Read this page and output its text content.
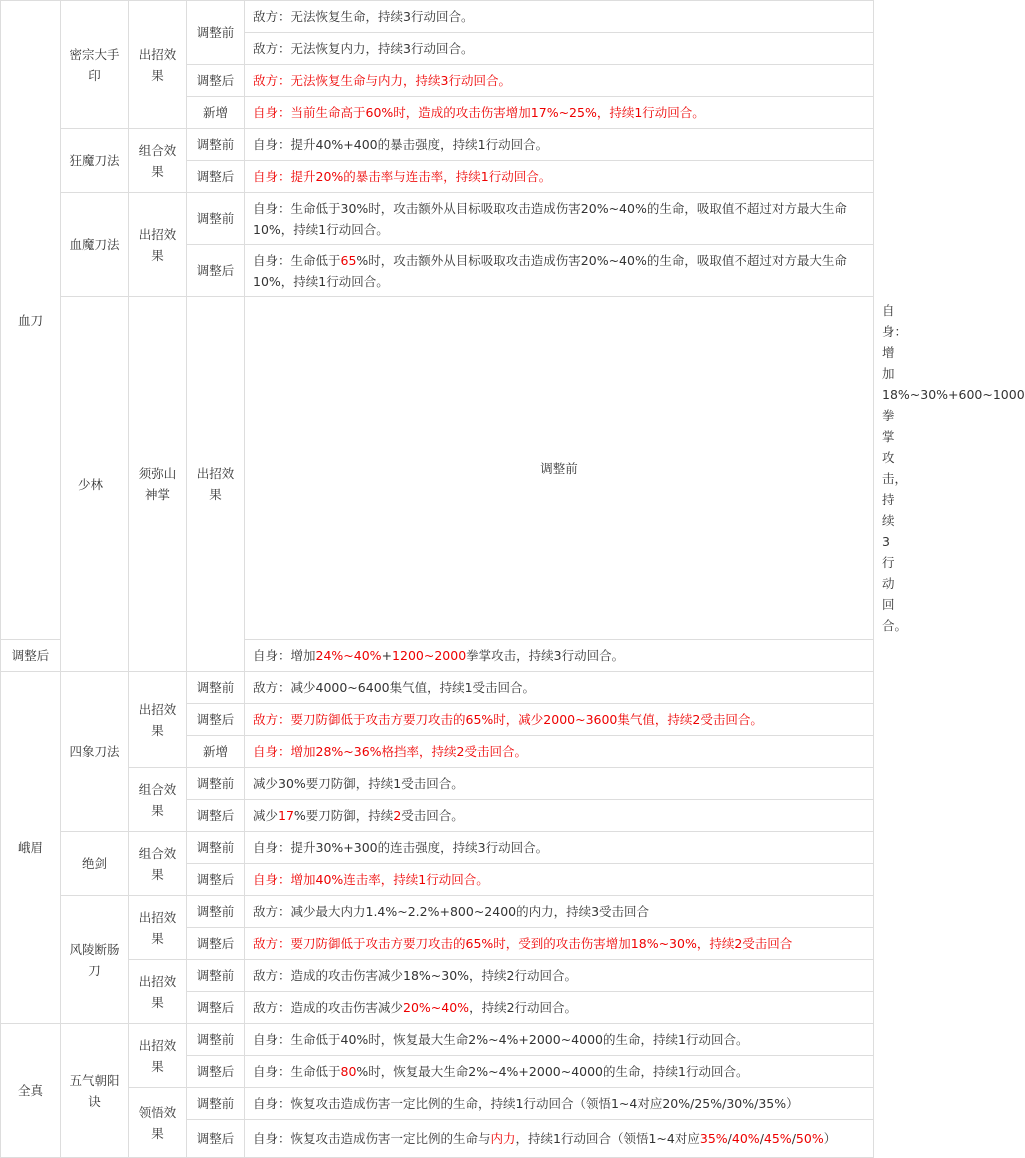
血刀	密宗大手印	出招效果	调整前	敌方：无法恢复生命，持续3行动回合。	
				敌方：无法恢复内力，持续3行动回合。	
			调整后	敌方：无法恢复生命与内力，持续3行动回合。	
			新增	自身：当前生命高于60%时，造成的攻击伤害增加17%~25%，持续1行动回合。	
	狂魔刀法	组合效果	调整前	自身：提升40%+400的暴击强度，持续1行动回合。	
			调整后	自身：提升20%的暴击率与连击率，持续1行动回合。	
	血魔刀法	出招效果	调整前	自身：生命低于30%时，攻击额外从目标吸取攻击造成伤害20%~40%的生命，吸取值不超过对方最大生命10%，持续1行动回合。	
			调整后	自身：生命低于65%时，攻击额外从目标吸取攻击造成伤害20%~40%的生命，吸取值不超过对方最大生命10%，持续1行动回合。	
	少林	须弥山神掌	出招效果	调整前	自身：增加18%~30%+600~1000拳掌攻击，持续3行动回合。
调整后				自身：增加24%~40%+1200~2000拳掌攻击，持续3行动回合。	
峨眉	四象刀法	出招效果	调整前	敌方：减少4000~6400集气值，持续1受击回合。	
			调整后	敌方：要刀防御低于攻击方要刀攻击的65%时，减少2000~3600集气值，持续2受击回合。	
			新增	自身：增加28%~36%格挡率，持续2受击回合。	
		组合效果	调整前	减少30%要刀防御，持续1受击回合。	
			调整后	减少17%要刀防御，持续2受击回合。	
	绝剑	组合效果	调整前	自身：提升30%+300的连击强度，持续3行动回合。	
			调整后	自身：增加40%连击率，持续1行动回合。	
	风陵断肠刀	出招效果	调整前	敌方：减少最大内力1.4%~2.2%+800~2400的内力，持续3受击回合	
			调整后	敌方：要刀防御低于攻击方要刀攻击的65%时，受到的攻击伤害增加18%~30%，持续2受击回合	
		出招效果	调整前	敌方：造成的攻击伤害减少18%~30%，持续2行动回合。	
			调整后	敌方：造成的攻击伤害减少20%~40%，持续2行动回合。	
全真	五气朝阳诀	出招效果	调整前	自身：生命低于40%时，恢复最大生命2%~4%+2000~4000的生命，持续1行动回合。	
			调整后	自身：生命低于80%时，恢复最大生命2%~4%+2000~4000的生命，持续1行动回合。	
		领悟效果	调整前	自身：恢复攻击造成伤害一定比例的生命，持续1行动回合（领悟1~4对应20%/25%/30%/35%）	
			调整后	自身：恢复攻击造成伤害一定比例的生命与内力，持续1行动回合（领悟1~4对应35%/40%/45%/50%）	
